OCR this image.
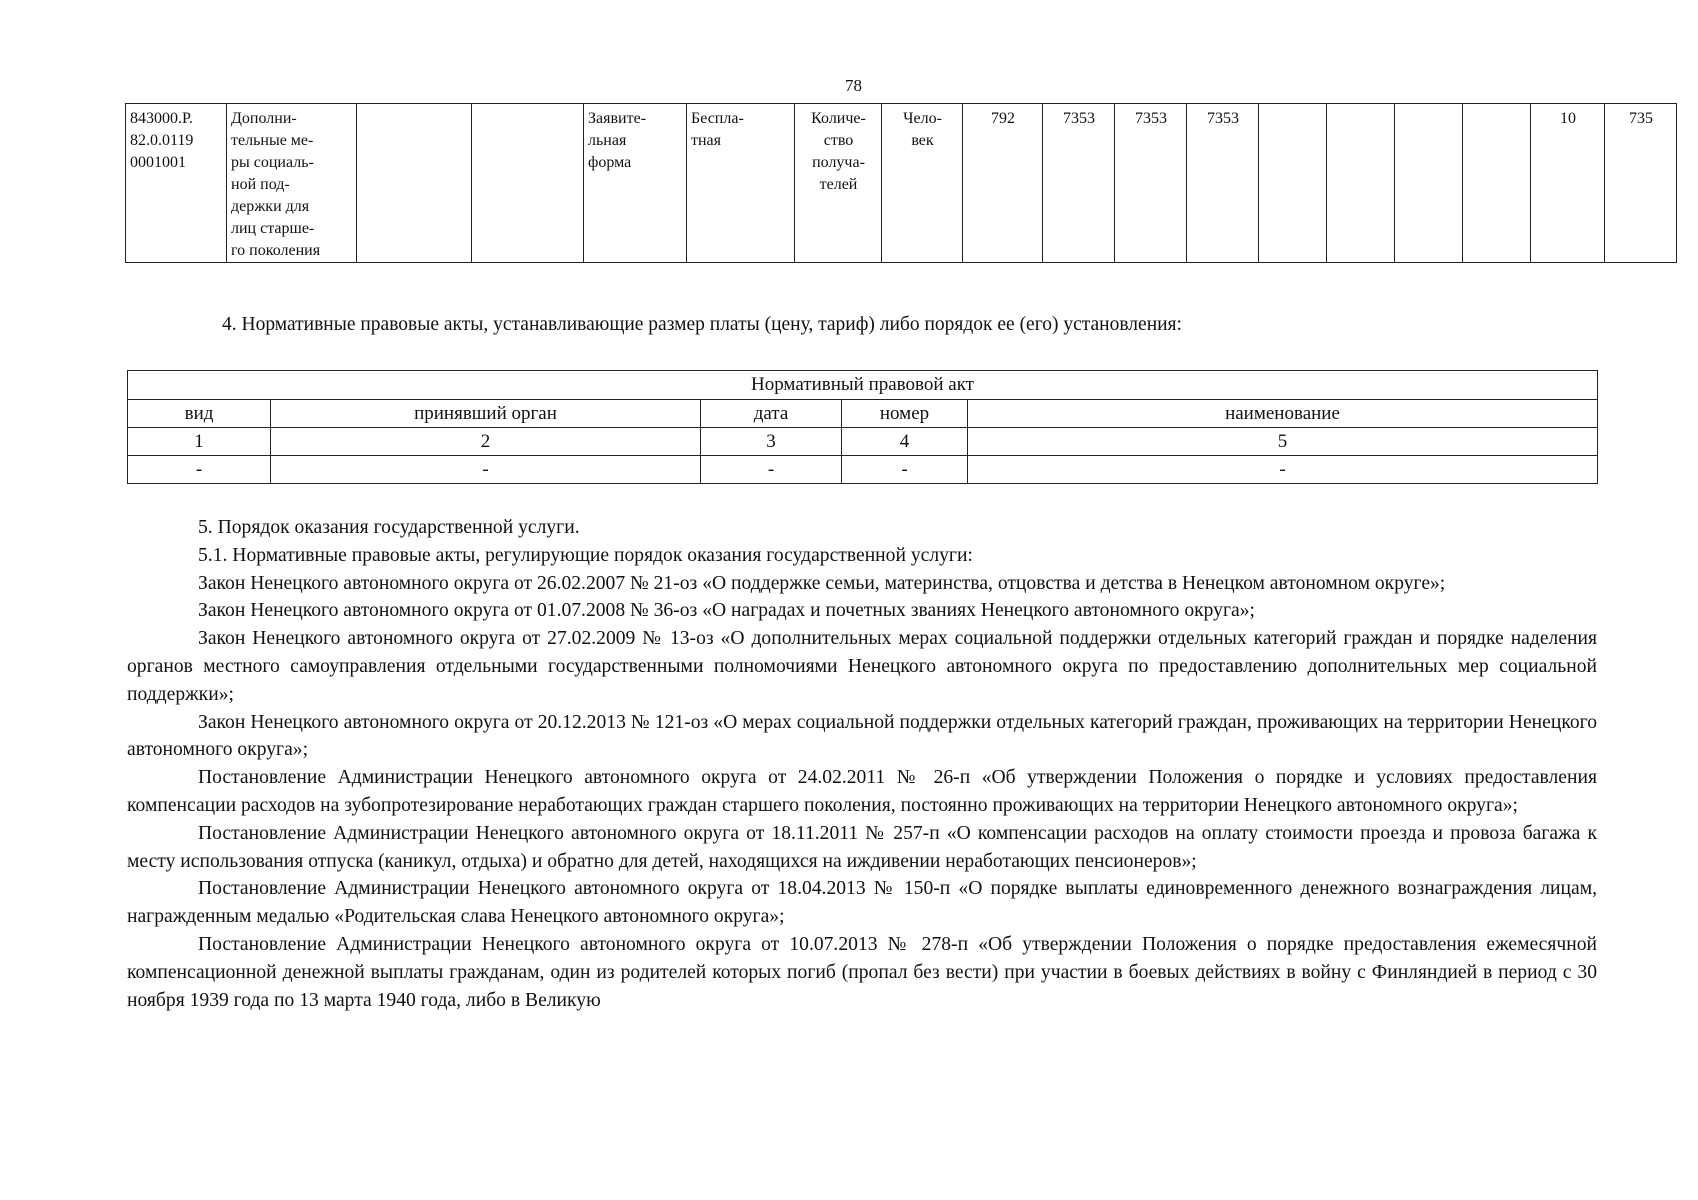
78
843000.Р.
82.0.0119
0001001	Дополни-
тельные ме-
ры социаль-
ной под-
держки для
лиц старше-
го поколения			Заявите-
льная
форма	Беспла-
тная	Количе-
ство
получа-
телей	Чело-
век	792	7353	7353	7353					10	735
4. Нормативные правовые акты, устанавливающие размер платы (цену, тариф) либо порядок ее (его) установления:
Нормативный правовой акт				
вид	принявший орган	дата	номер	наименование
1	2	3	4	5
-	-	-	-	-

5. Порядок оказания государственной услуги.

5.1. Нормативные правовые акты, регулирующие порядок оказания государственной услуги:

Закон Ненецкого автономного округа от 26.02.2007 № 21-оз «О поддержке семьи, материнства, отцовства и детства в Ненецком автономном округе»;

Закон Ненецкого автономного округа от 01.07.2008 № 36-оз «О наградах и почетных званиях Ненецкого автономного округа»;

Закон Ненецкого автономного округа от 27.02.2009 № 13-оз «О дополнительных мерах социальной поддержки отдельных категорий граждан и порядке наделения органов местного самоуправления отдельными государственными полномочиями Ненецкого автономного округа по предоставлению дополнительных мер социальной поддержки»;

Закон Ненецкого автономного округа от 20.12.2013 № 121-оз «О мерах социальной поддержки отдельных категорий граждан, проживающих на территории Ненецкого автономного округа»;

Постановление Администрации Ненецкого автономного округа от 24.02.2011 № 26-п «Об утверждении Положения о порядке и условиях предоставления компенсации расходов на зубопротезирование неработающих граждан старшего поколения, постоянно проживающих на территории Ненецкого автономного округа»;

Постановление Администрации Ненецкого автономного округа от 18.11.2011 № 257-п «О компенсации расходов на оплату стоимости проезда и провоза багажа к месту использования отпуска (каникул, отдыха) и обратно для детей, находящихся на иждивении неработающих пенсионеров»;

Постановление Администрации Ненецкого автономного округа от 18.04.2013 № 150-п «О порядке выплаты единовременного денежного вознаграждения лицам, награжденным медалью «Родительская слава Ненецкого автономного округа»;

Постановление Администрации Ненецкого автономного округа от 10.07.2013 № 278-п «Об утверждении Положения о порядке предоставления ежемесячной компенсационной денежной выплаты гражданам, один из родителей которых погиб (пропал без вести) при участии в боевых действиях в войну с Финляндией в период с 30 ноября 1939 года по 13 марта 1940 года, либо в Великую
